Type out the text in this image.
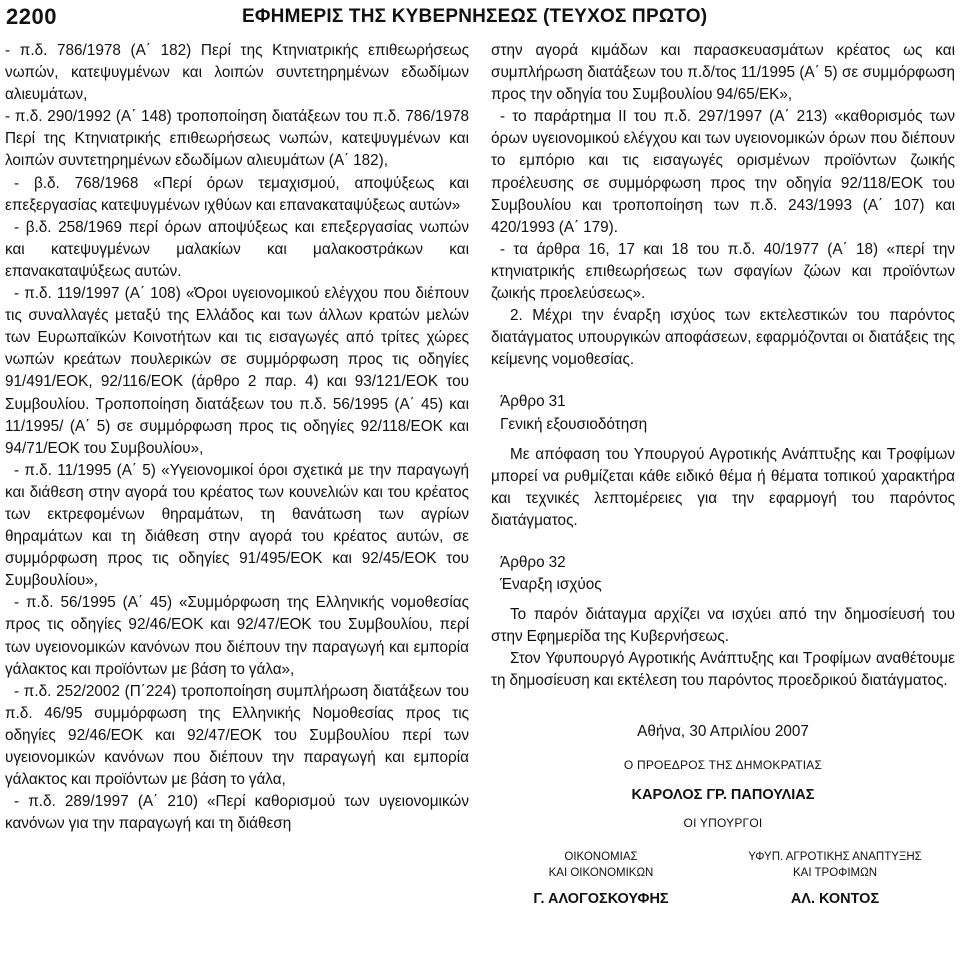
2200	ΕΦΗΜΕΡΙΣ ΤΗΣ ΚΥΒΕΡΝΗΣΕΩΣ (ΤΕΥΧΟΣ ΠΡΩΤΟ)

- π.δ. 786/1978 (Α΄ 182) Περί της Κτηνιατρικής επιθεωρήσεως νωπών, κατεψυγμένων και λοιπών συντετηρημένων εδωδίμων αλιευμάτων,

- π.δ. 290/1992 (Α΄ 148) τροποποίηση διατάξεων του π.δ. 786/1978 Περί της Κτηνιατρικής επιθεωρήσεως νωπών, κατεψυγμένων και λοιπών συντετηρημένων εδωδίμων αλιευμάτων (Α΄ 182),

- β.δ. 768/1968 «Περί όρων τεμαχισμού, αποψύξεως και επεξεργασίας κατεψυγμένων ιχθύων και επανακαταψύξεως αυτών»

- β.δ. 258/1969 περί όρων αποψύξεως και επεξεργασίας νωπών και κατεψυγμένων μαλακίων και μαλακοστράκων και επανακαταψύξεως αυτών.

- π.δ. 119/1997 (Α΄ 108) «Όροι υγειονομικού ελέγχου που διέπουν τις συναλλαγές μεταξύ της Ελλάδος και των άλλων κρατών μελών των Ευρωπαϊκών Κοινοτήτων και τις εισαγωγές από τρίτες χώρες νωπών κρεάτων πουλερικών σε συμμόρφωση προς τις οδηγίες 91/491/ΕΟΚ, 92/116/ΕΟΚ (άρθρο 2 παρ. 4) και 93/121/ΕΟΚ του Συμβουλίου. Τροποποίηση διατάξεων του π.δ. 56/1995 (Α΄ 45) και 11/1995/ (Α΄ 5) σε συμμόρφωση προς τις οδηγίες 92/118/ΕΟΚ και 94/71/ΕΟΚ του Συμβουλίου»,

- π.δ. 11/1995 (Α΄ 5) «Υγειονομικοί όροι σχετικά με την παραγωγή και διάθεση στην αγορά του κρέατος των κουνελιών και του κρέατος των εκτρεφομένων θηραμάτων, τη θανάτωση των αγρίων θηραμάτων και τη διάθεση στην αγορά του κρέατος αυτών, σε συμμόρφωση προς τις οδηγίες 91/495/ΕΟΚ και 92/45/ΕΟΚ του Συμβουλίου»,

- π.δ. 56/1995 (Α΄ 45) «Συμμόρφωση της Ελληνικής νομοθεσίας προς τις οδηγίες 92/46/ΕΟΚ και 92/47/ΕΟΚ του Συμβουλίου, περί των υγειονομικών κανόνων που διέπουν την παραγωγή και εμπορία γάλακτος και προϊόντων με βάση το γάλα»,

- π.δ. 252/2002 (Π΄224) τροποποίηση συμπλήρωση διατάξεων του π.δ. 46/95 συμμόρφωση της Ελληνικής Νομοθεσίας προς τις οδηγίες 92/46/ΕΟΚ και 92/47/ΕΟΚ του Συμβουλίου περί των υγειονομικών κανόνων που διέπουν την παραγωγή και εμπορία γάλακτος και προϊόντων με βάση το γάλα,

- π.δ. 289/1997 (Α΄ 210) «Περί καθορισμού των υγειονομικών κανόνων για την παραγωγή και τη διάθεση

στην αγορά κιμάδων και παρασκευασμάτων κρέατος ως και συμπλήρωση διατάξεων του π.δ/τος 11/1995 (Α΄ 5) σε συμμόρφωση προς την οδηγία του Συμβουλίου 94/65/ΕΚ»,

- το παράρτημα ΙΙ του π.δ. 297/1997 (Α΄ 213) «καθορισμός των όρων υγειονομικού ελέγχου και των υγειονομικών όρων που διέπουν το εμπόριο και τις εισαγωγές ορισμένων προϊόντων ζωικής προέλευσης σε συμμόρφωση προς την οδηγία 92/118/ΕΟΚ του Συμβουλίου και τροποποίηση των π.δ. 243/1993 (Α΄ 107) και 420/1993 (Α΄ 179).

- τα άρθρα 16, 17 και 18 του π.δ. 40/1977 (Α΄ 18) «περί την κτηνιατρικής επιθεωρήσεως των σφαγίων ζώων και προϊόντων ζωικής προελεύσεως».

2. Μέχρι την έναρξη ισχύος των εκτελεστικών του παρόντος διατάγματος υπουργικών αποφάσεων, εφαρμόζονται οι διατάξεις της κείμενης νομοθεσίας.

Άρθρο 31

Γενική εξουσιοδότηση

Με απόφαση του Υπουργού Αγροτικής Ανάπτυξης και Τροφίμων μπορεί να ρυθμίζεται κάθε ειδικό θέμα ή θέματα τοπικού χαρακτήρα και τεχνικές λεπτομέρειες για την εφαρμογή του παρόντος διατάγματος.

Άρθρο 32

Έναρξη ισχύος

Το παρόν διάταγμα αρχίζει να ισχύει από την δημοσίευσή του στην Εφημερίδα της Κυβερνήσεως.

Στον Υφυπουργό Αγροτικής Ανάπτυξης και Τροφίμων αναθέτουμε τη δημοσίευση και εκτέλεση του παρόντος προεδρικού διατάγματος.

Αθήνα, 30 Απριλίου 2007
Ο ΠΡΟΕΔΡΟΣ ΤΗΣ ΔΗΜΟΚΡΑΤΙΑΣ
ΚΑΡΟΛΟΣ ΓΡ. ΠΑΠΟΥΛΙΑΣ
ΟΙ ΥΠΟΥΡΓΟΙ
ΟΙΚΟΝΟΜΙΑΣ
ΚΑΙ ΟΙΚΟΝΟΜΙΚΩΝ
ΥΦΥΠ. ΑΓΡΟΤΙΚΗΣ ΑΝΑΠΤΥΞΗΣ
ΚΑΙ ΤΡΟΦΙΜΩΝ
Γ. ΑΛΟΓΟΣΚΟΥΦΗΣ	ΑΛ. ΚΟΝΤΟΣ
